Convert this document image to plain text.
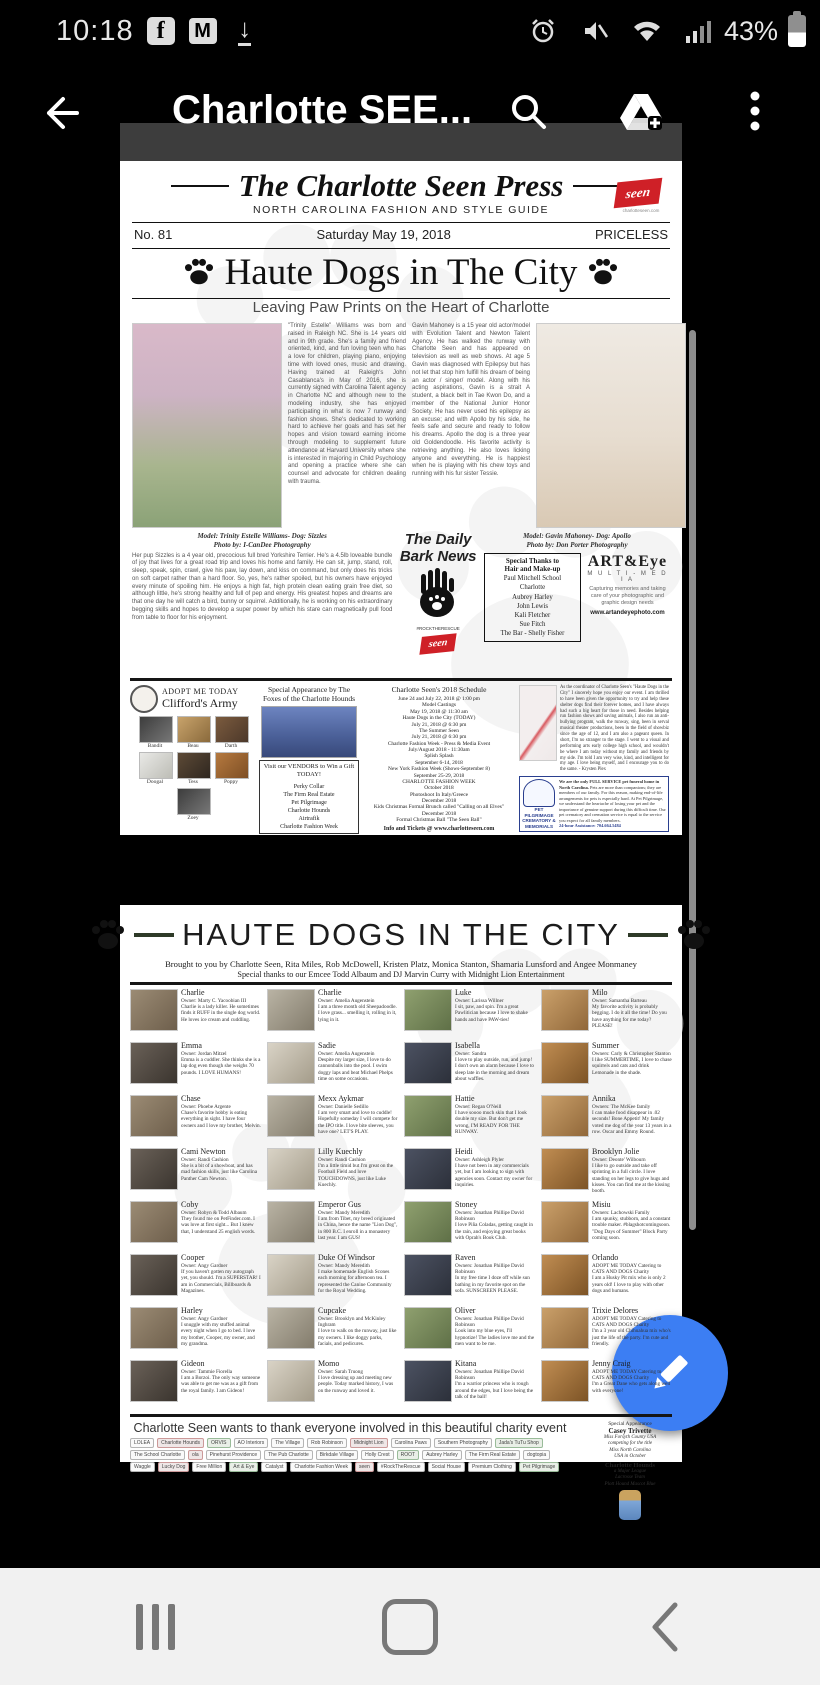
10:18 f	M ↓	43%
Charlotte SEE...
The Charlotte Seen Press	seen
charlotteseen.com
NORTH CAROLINA FASHION AND STYLE GUIDE
No. 81	Saturday May 19, 2018	PRICELESS
Haute Dogs in The City
Leaving Paw Prints on the Heart of Charlotte
"Trinity Estelle" Williams was born and raised in Raleigh NC. She is 14 years old and in 9th grade. She's a family and friend oriented, kind, and fun loving teen who has a love for children, playing piano, enjoying time with loved ones, music and drawing. Having trained at Raleigh's John Casablanca's in May of 2016, she is currently signed with Carolina Talent agency in Charlotte NC and although new to the modeling industry, she has enjoyed participating in what is now 7 runway and fashion shows. She's dedicated to working hard to achieve her goals and has set her hopes and vision toward earning income through modeling to supplement future attendance at Harvard University where she is interested in majoring in Child Psychology and opening a practice where she can counsel and advocate for children dealing with trauma.
Gavin Mahoney is a 15 year old actor/model with Evolution Talent and Newton Talent Agency. He has walked the runway with Charlotte Seen and has appeared on television as well as web shows. At age 5 Gavin was diagnosed with Epilepsy but has not let that stop him fulfill his dream of being an actor / singer/ model. Along with his acting aspirations, Gavin is a strait A student, a black belt in Tae Kwon Do, and a member of the National Junior Honor Society. He has never used his epilepsy as an excuse; and with Apollo by his side, he feels safe and secure and ready to follow his dreams. Apollo the dog is a three year old Goldendoodle. His favorite activity is retrieving anything. He also loves licking anyone and everything. He is happiest when he is playing with his chew toys and running with his fur sister Tessie.
Model: Trinity Estelle Williams- Dog: Sizzles
Photo by: I-CanDee Photography
Her pup Sizzles is a 4 year old, precocious full bred Yorkshire Terrier. He's a 4.5lb loveable bundle of joy that lives for a great road trip and loves his home and family. He can sit, jump, stand, roll, sleep, speak, spin, crawl, give his paw, lay down, and kiss on command, but only does his tricks on soft carpet rather than a hard floor. So, yes, he's rather spoiled, but his owners have enjoyed every minute of spoiling him. He enjoys a high fat, high protein clean eating grain free diet, so although little, he's strong healthy and full of pep and energy. His greatest hopes and dreams are that one day he will catch a bird, bunny or squirrel. Additionally, he is working on his extraordinary begging skills and hopes to develop a super power by which his stare can magnetically pull food from table to floor for his enjoyment.
The Daily
Bark News
#ROCKTHERESCUE
seen
Model: Gavin Mahoney- Dog: Apollo
Photo by: Don Porter Photography
Special Thanks to
Hair and Make-up
Paul Mitchell School
Charlotte
Aubrey Harley
John Lewis
Kali Fletcher
Sue Fitch
The Bar - Shelly Fisher
ART&Eye
M U L T I - M E D I A
Capturing memories and taking care of your photographic and graphic design needs
www.artandeyephoto.com
ADOPT ME TODAY
Clifford's Army
Bandit	Beau	Darth
Doogal	Tess	Poppy
Zoey
Special Appearance by The Foxes of the Charlotte Hounds
Visit our VENDORS to Win a Gift TODAY!
Perky Collar
The Firm Real Estate
Pet Pilgrimage
Charlotte Hounds
Airtrafik
Charlotte Fashion Week
Charlotte Seen's 2018 Schedule
June 24 and July 22, 2018 @ 1:00 pm
Model Castings
May 19, 2018 @ 11:30 am
Haute Dogs in the City (TODAY)
July 21, 2018 @ 6:30 pm
The Summer Seen
July 21, 2018 @ 6:30 pm
Charlotte Fashion Week - Press & Media Event
July/August 2018 - 11:30am
Splish Splash
September 6-14, 2018
New York Fashion Week (Shows-September 8)
September 25-29, 2018
CHARLOTTE FASHION WEEK
October 2018
Photoshoot In Italy/Greece
December 2018
Kids Christmas Formal Brunch called "Calling on all Elves"
December 2018
Formal Christmas Ball "The Seen Ball"
Info and Tickets @ www.charlotteseen.com
As the coordinator of Charlotte Seen's "Haute Dogs in the City" I sincerely hope you enjoy our event. I am thrilled to have been given the opportunity to try and help these shelter dogs find their forever homes, and I have always had such a big heart for those in need. Besides helping run fashion shows and saving animals, I also run an anti-bullying program, walk the runway, sing, been in serval musical theater productions, been in the field of showbiz since the age of 12, and I am also a pageant queen. In short, I'm no stranger to the stage. I went to a visual and performing arts early college high school, and wouldn't be where I am today without my family and friends by my side. I'm told I am very wise, kind, and intelligent for my age. I love being myself, and I encourage you to do the same. - Krysten Plex
PET PILGRIMAGE CREMATORY & MEMORIALS
We are the only FULL SERVICE pet funeral home in North Carolina. Pets are more than companions; they are members of our family. For this reason, making end-of-life arrangements for pets is especially hard. At Pet Pilgrimage, we understand the heartache of losing your pet and the importance of genuine support during this difficult time. Our pet crematory and cremation service is equal to the service you expect for all family members.
24-hour Assistance: 704.664.5484
HAUTE DOGS IN THE CITY
Brought to you by Charlotte Seen, Rita Miles, Rob McDowell, Kristen Platz, Monica Stanton, Shamaria Lunsford and Angee Monmaney
Special thanks to our Emcee Todd Albaum and DJ Marvin Curry with Midnight Lion Entertainment
Charlie
Owner: Marty C. Yacoobian III
Charlie is a lady killer. He sometimes finds it RUFF in the single dog world. He loves ice cream and cuddling.
Charlie
Owner: Amelia Augenstein
I am a three month old Sheepadoodle. I love grass... smelling it, rolling in it, lying in it.
Luke
Owner: Larissa Willner
I sit, paw, and spin. I'm a great Pawlitician because I love to shake hands and have PAW-ties!
Milo
Owner: Samantha Barteau
My favorite activity is probably begging. I do it all the time! Do you have anything for me today? PLEASE!
Emma
Owner: Jordan Mitzel
Emma is a cuddler. She thinks she is a lap dog even though she weighs 70 pounds. I LOVE HUMANS!
Sadie
Owner: Amelia Augenstein
Despite my larger size, I love to do cannonballs into the pool. I swim doggy laps and beat Michael Phelps time on some occasions.
Isabella
Owner: Sandra
I love to play outside, run, and jump! I don't own an alarm because I love to sleep late in the morning and dream about waffles.
Summer
Owners: Carly & Christopher Stanton
I like SUMMERTIME, I love to chase squirrels and cats and drink Lemonade in the shade.
Chase
Owner: Phoebe Argente
Chase's favorite hobby is eating everything in sight. I have four owners and I love my brother, Melvin.
Mexx Aykmar
Owner: Danielle Sedillo
I am very smart and love to cuddle! Hopefully someday I will compete for the IPO title. I love bite sleeves, you have one? LET'S PLAY.
Hattie
Owner: Regan O'Neill
I have soooo much skin that I look double my size. But don't get me wrong, I'M READY FOR THE RUNWAY.
Annika
Owners: The McKee family
I can make food disappear in .02 seconds! Bone Appetit! My family voted me dog of the year 13 years in a row. Oscar and Emmy Round.
Cami Newton
Owner: Randi Cashion
She is a bit of a showboat, and has mad fashion skills, just like Carolina Panther Cam Newton.
Lilly Kuechly
Owner: Randi Cashion
I'm a little timid but I'm great on the Football Field and love TOUCHDOWNS, just like Luke Kuechly.
Heidi
Owner: Ashleigh Plyler
I have not been in any commercials yet, but I am looking to sign with agencies soon. Contact my owner for inquiries.
Brooklyn Jolie
Owner: Deonte' Wilbourn
I like to go outside and take off sprinting in a full circle. I love standing on her legs to give hugs and kisses. You can find me at the kissing booth.
Coby
Owner: Robyn & Todd Albaum
They found me on PetFinder.com. I was love at first sight... But I knew that, I understand 25 english words.
Emperor Gus
Owner: Mandy Meredith
I am from Tibet, my breed originated in China, hence the name "Lion Dog", in 800 B.C. I enroll in a monastery last year. I am GUS!
Stoney
Owners: Jonathan Phillipe David Robinson
I love Piña Coladas, getting caught in the rain, and enjoying great books with Oprah's Book Club.
Misiu
Owners: Lachowski Family
I am spunky, stubborn, and a constant trouble maker. #blagshotcomingsoon. "Dog Days of Summer" Block Party coming soon.
Cooper
Owner: Angy Gardner
If you haven't gotten my autograph yet, you should. I'm a SUPERSTAR! I am in Commercials, Billboards & Magazines.
Duke Of Windsor
Owner: Mandy Meredith
I make homemade English Scones each morning for afternoon tea. I represented the Canine Community for the Royal Wedding.
Raven
Owners: Jonathan Phillipe David Robinson
In my free time I doze off while sun bathing in my favorite spot on the sofa. SUNSCREEN PLEASE.
Orlando
ADOPT ME TODAY Catering to CATS AND DOGS Charity
I am a Husky Pit mix who is only 2 years old! I love to play with other dogs and humans.
Harley
Owner: Angy Gardner
I snuggle with my stuffed animal every night when I go to bed. I love my brother, Cooper, my owner, and my grandma.
Cupcake
Owner: Brooklyn and McKinley Inghram
I love to walk on the runway, just like my owners. I like doggy parks, facials, and pedicures.
Oliver
Owners: Jonathan Phillipe David Robinson
Look into my blue eyes, I'll hypnotize! The ladies love me and the men want to be me.
Trixie Delores
ADOPT ME TODAY Catering to CATS AND DOGS Charity
I'm a 3 year old Chihuahua mix who's just the life of the party. I'm cute and friendly.
Gideon
Owner: Tammie Fiorella
I am a Borzoi. The only way someone was able to get me was as a gift from the royal family. I am Gideon!
Momo
Owner: Sarah Truong
I love dressing up and meeting new people. Today marked history, I was on the runway and loved it.
Kitana
Owners: Jonathan Phillipe David Robinson
I'm a warrior princess who is rough around the edges, but I love being the talk of the ball!
Jenny Craig
ADOPT ME TODAY Catering to CATS AND DOGS Charity
I'm a Great Dane who gets along well with everyone!
Charlotte Seen wants to thank everyone involved in this beautiful charity event
LOLEA	Charlotte Hounds	ORVIS	AO Interiors	The Village	Rob Robinson	Midnight Lion	Carolina Paws	Southern Photography	Jada's TuTu Shop
The School Charlotte	ola	Pinehurst Providence	The Pub Charlotte	Birkdale Village	Holly Crest	ROOT	Aubrey Harley	The Firm Real Estate	dogtopia
Waggle	Lucky Dog	Free Million	Art & Eye	Catalyst	Charlotte Fashion Week	seen	#RockTheRescue	Social House	Premium Clothing	Pet Pilgrimage
Special Appearance
Casey Trivette
Miss Forsyth County USA
competing for the title
Miss North Carolina
USA in October
Charlotte Hounds
a Major League
Lacrosse Team
Plott Hound Mascot Blue
